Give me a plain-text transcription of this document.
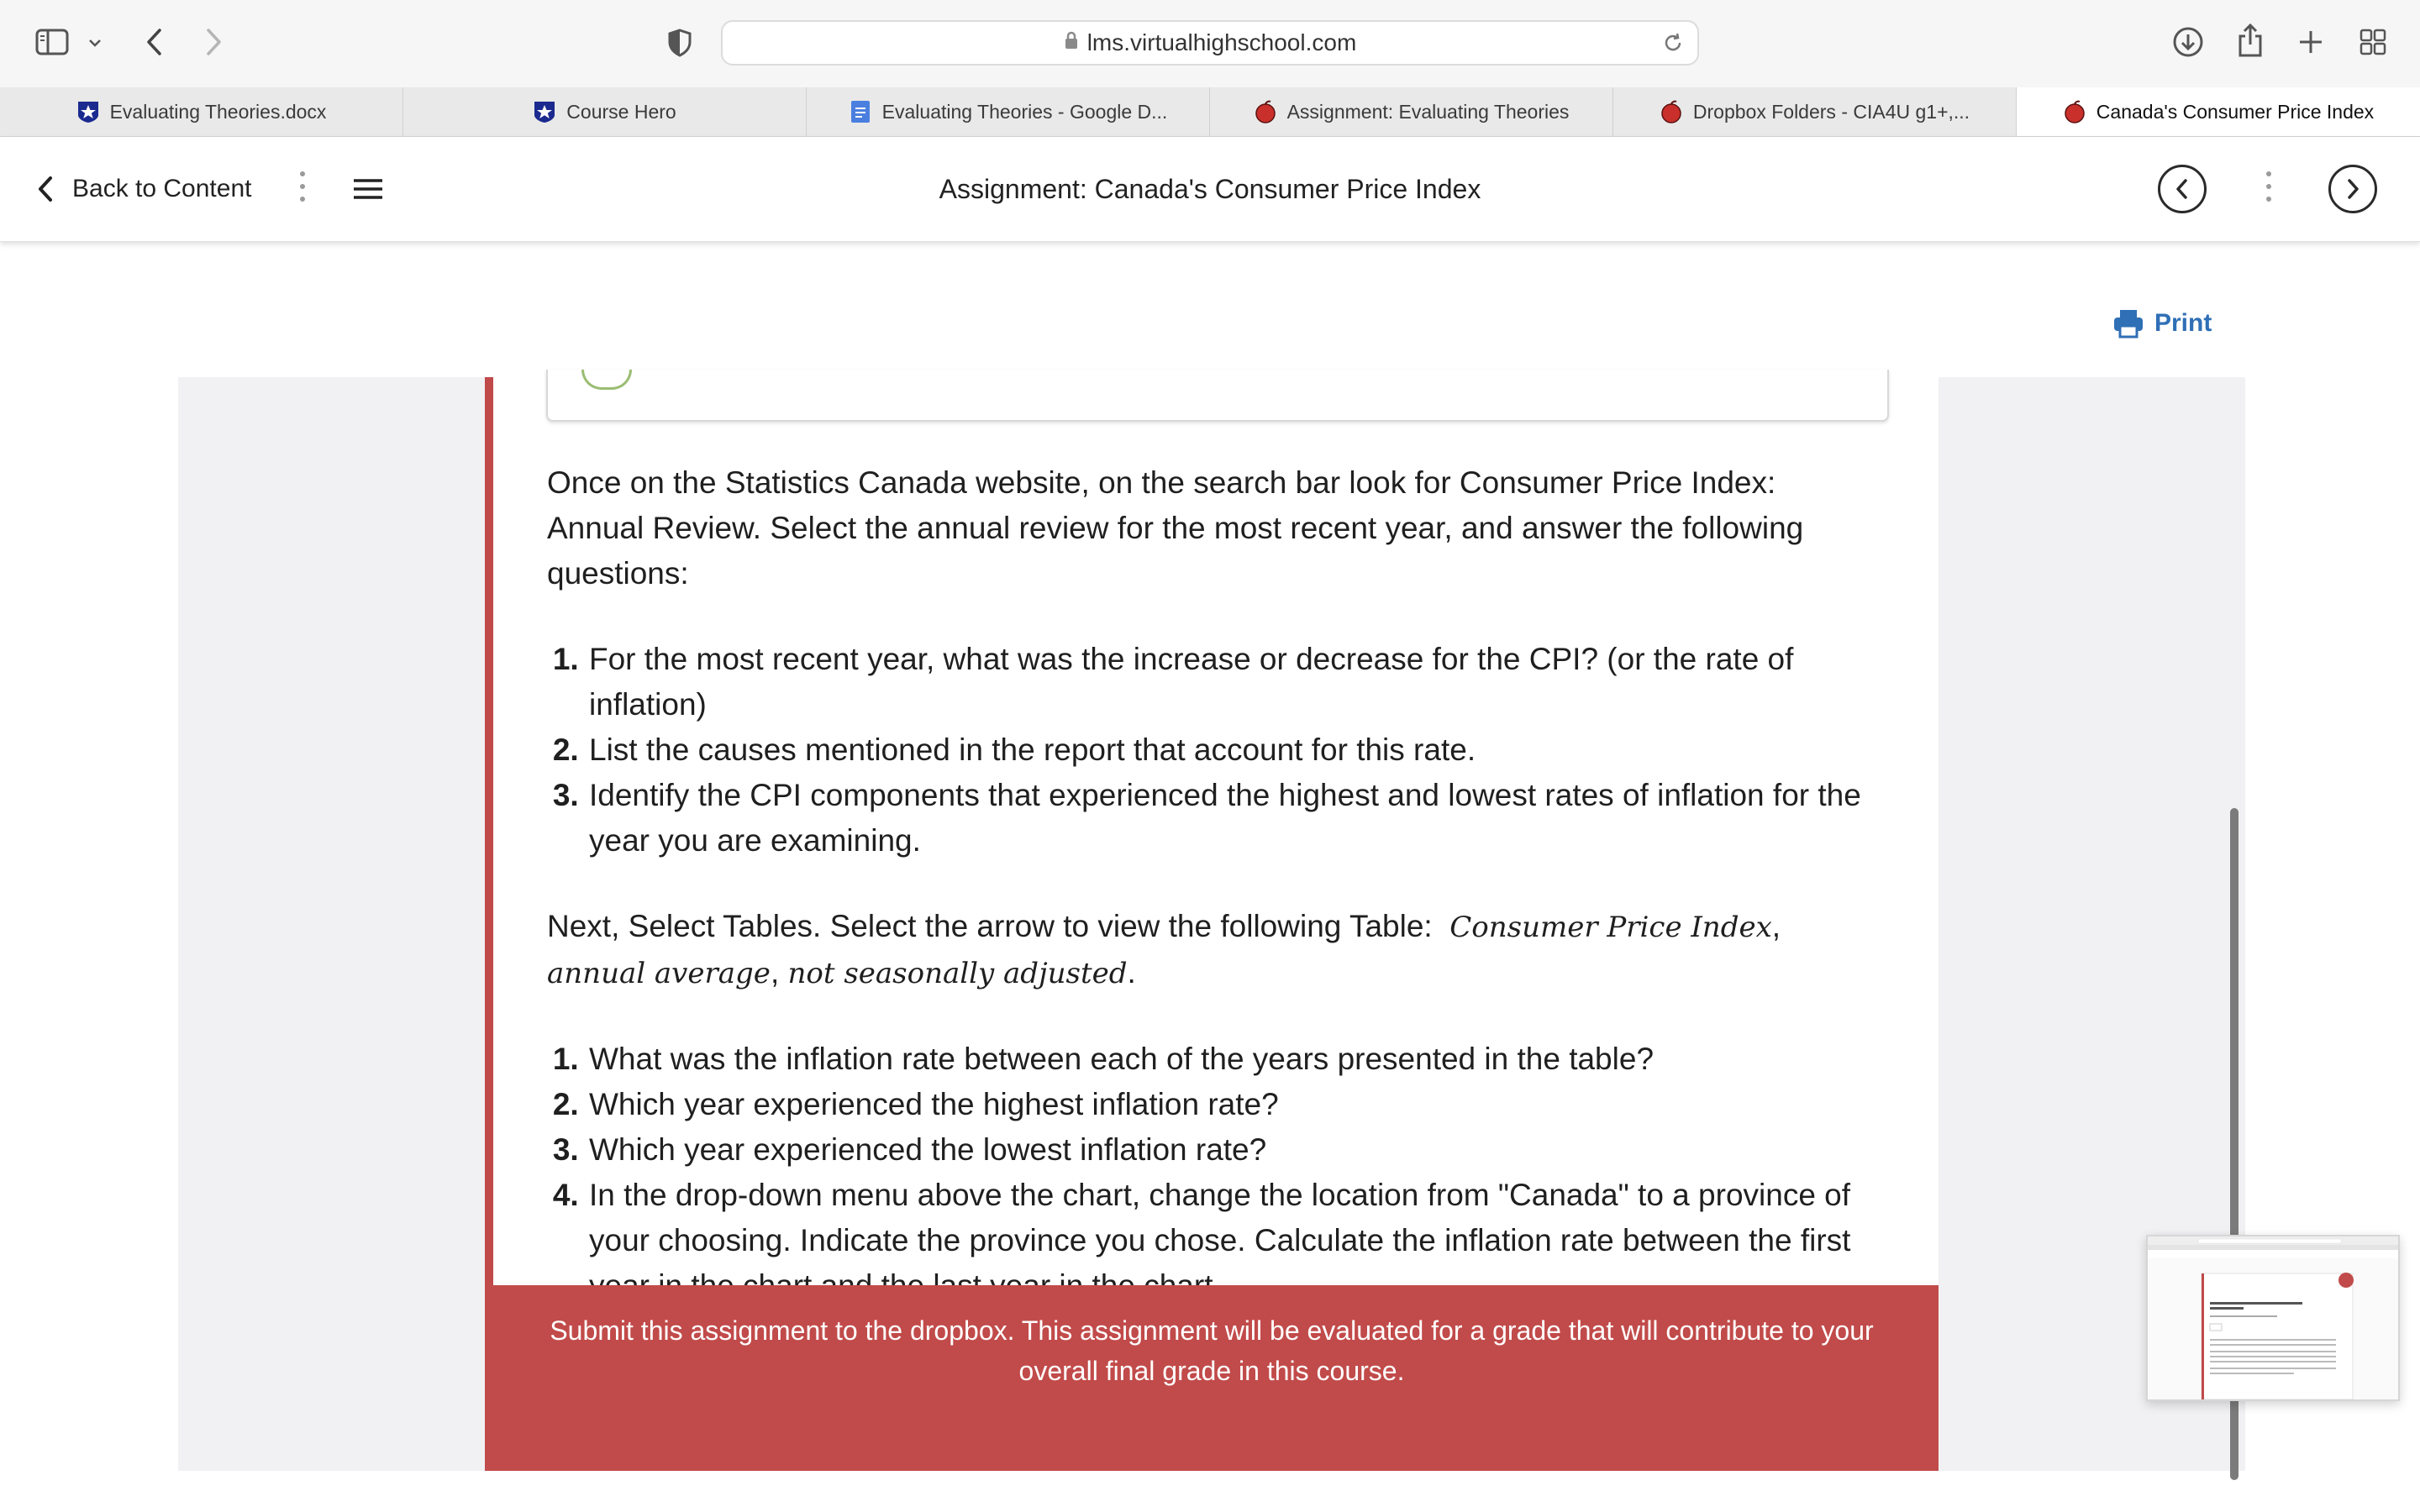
lms.virtualhighschool.com
Evaluating Theories.docx	Course Hero	Evaluating Theories - Google D...	Assignment: Evaluating Theories	Dropbox Folders - CIA4U g1+,...	Canada's Consumer Price Index
Back to Content	Assignment: Canada's Consumer Price Index
Print

Once on the Statistics Canada website, on the search bar look for Consumer Price Index: Annual Review. Select the annual review for the most recent year, and answer the following questions:

1. For the most recent year, what was the increase or decrease for the CPI? (or the rate of inflation)
2. List the causes mentioned in the report that account for this rate.
3. Identify the CPI components that experienced the highest and lowest rates of inflation for the year you are examining.

Next, Select Tables. Select the arrow to view the following Table: Consumer Price Index, annual average, not seasonally adjusted.

1. What was the inflation rate between each of the years presented in the table?
2. Which year experienced the highest inflation rate?
3. Which year experienced the lowest inflation rate?
4. In the drop-down menu above the chart, change the location from "Canada" to a province of your choosing. Indicate the province you chose. Calculate the inflation rate between the first
Submit this assignment to the dropbox. This assignment will be evaluated for a grade that will contribute to your overall final grade in this course.
